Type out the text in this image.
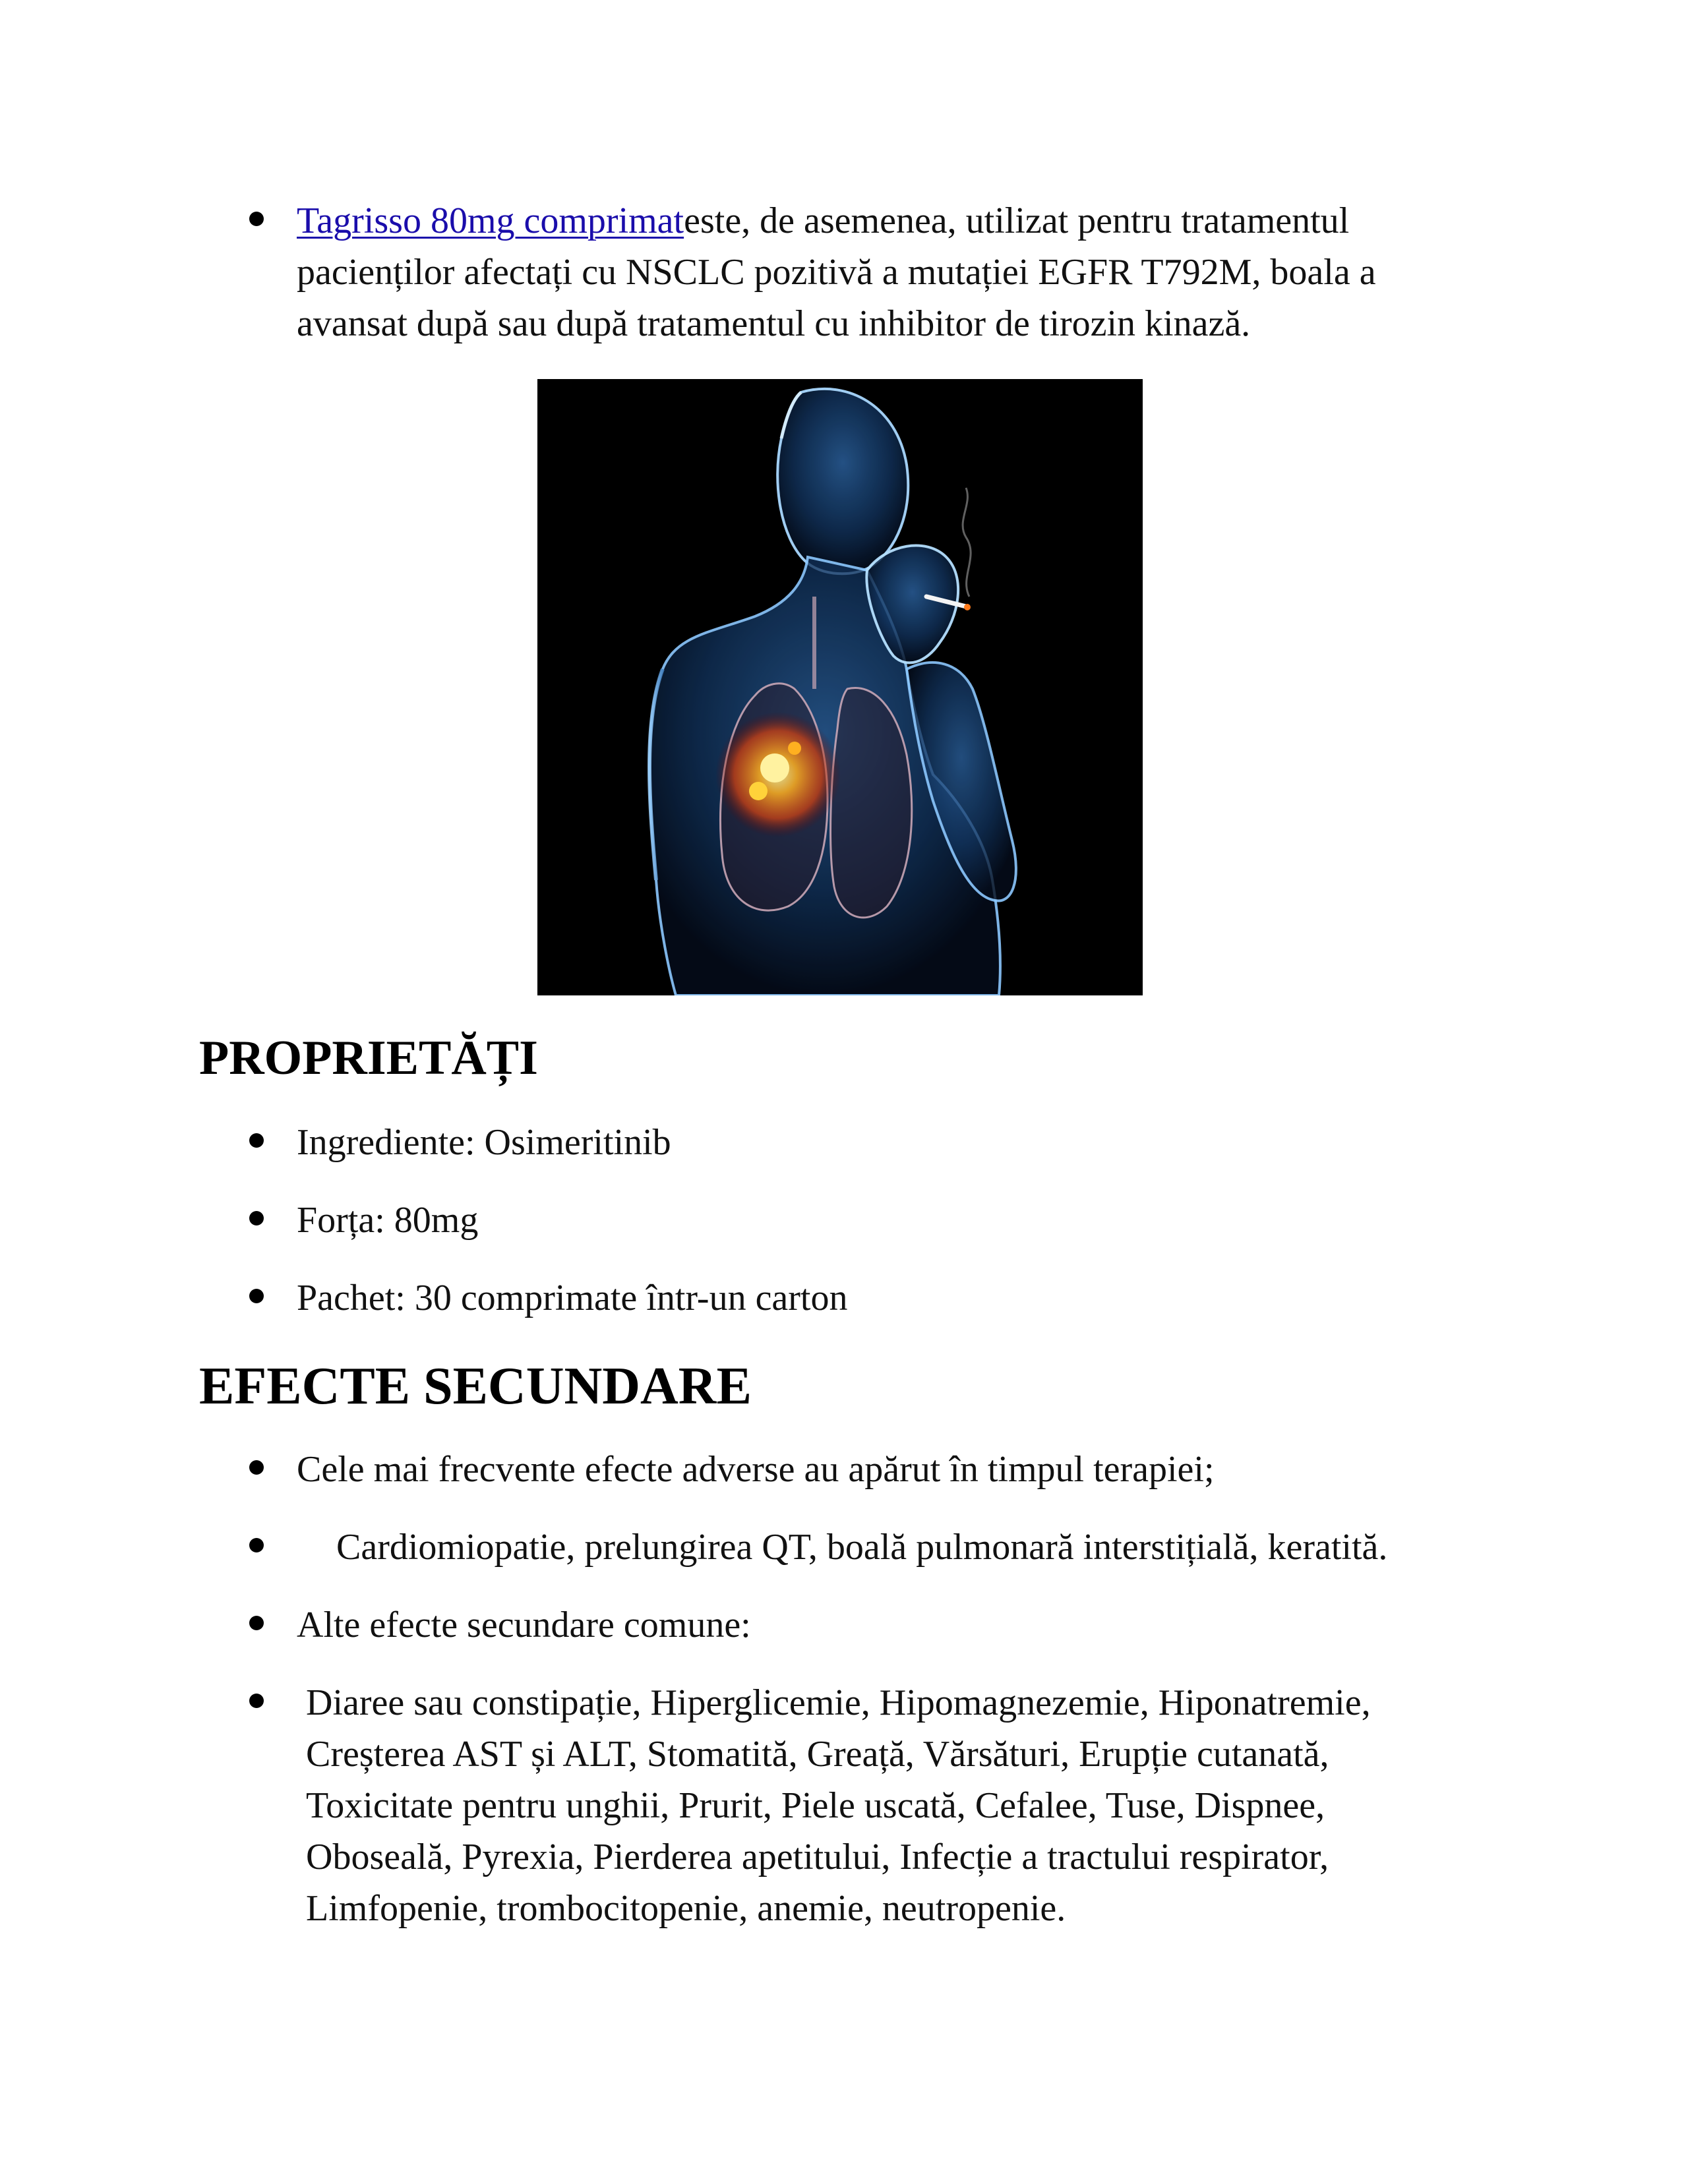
Tagrisso 80mg comprimateste, de asemenea, utilizat pentru tratamentul pacienților afectați cu NSCLC pozitivă a mutației EGFR T792M, boala a avansat după sau după tratamentul cu inhibitor de tirozin kinază.
PROPRIETĂȚI
Ingrediente: Osimeritinib
Forța: 80mg
Pachet: 30 comprimate într-un carton
EFECTE SECUNDARE
Cele mai frecvente efecte adverse au apărut în timpul terapiei;
Cardiomiopatie, prelungirea QT, boală pulmonară interstițială, keratită.
Alte efecte secundare comune:
Diaree sau constipație, Hiperglicemie, Hipomagnezemie, Hiponatremie, Creșterea AST și ALT, Stomatită, Greață, Vărsături, Erupție cutanată, Toxicitate pentru unghii, Prurit, Piele uscată, Cefalee, Tuse, Dispnee, Oboseală, Pyrexia, Pierderea apetitului, Infecție a tractului respirator, Limfopenie, trombocitopenie, anemie, neutropenie.
